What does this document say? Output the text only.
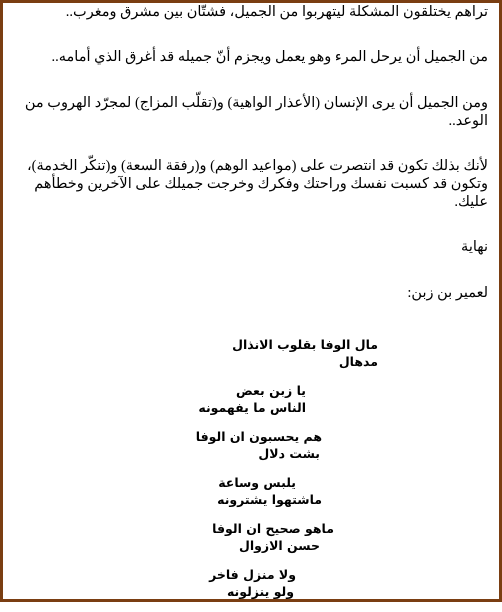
تراهم يختلقون المشكلة ليتهربوا من الجميل، فشتّان بين مشرق ومغرب..

من الجميل أن يرحل المرء وهو يعمل ويجزم أنّ جميله قد أغرق الذي أمامه..

ومن الجميل أن يرى الإنسان (الأعذار الواهية) و(تقلّب المزاج) لمجرّد الهروب من الوعد..

لأنك بذلك تكون قد انتصرت على (مواعيد الوهم) و(رفقة السعة) و(تنكّر الخدمة)، وتكون قد كسبت نفسك وراحتك وفكرك وخرجت جميلك على الآخرين وخطأهم عليك.

نهاية

لعمير بن زبن:

مال الوفا بقلوب الانذال
مدهال
يا زبن بعض
الناس ما يفهمونه
هم يحسبون ان الوفا
بشت دلال
يلبس وساعة
ماشتهوا يشترونه
ماهو صحيح ان الوفا
حسن الازوال
ولا منزل فاخر
ولو ينزلونه
